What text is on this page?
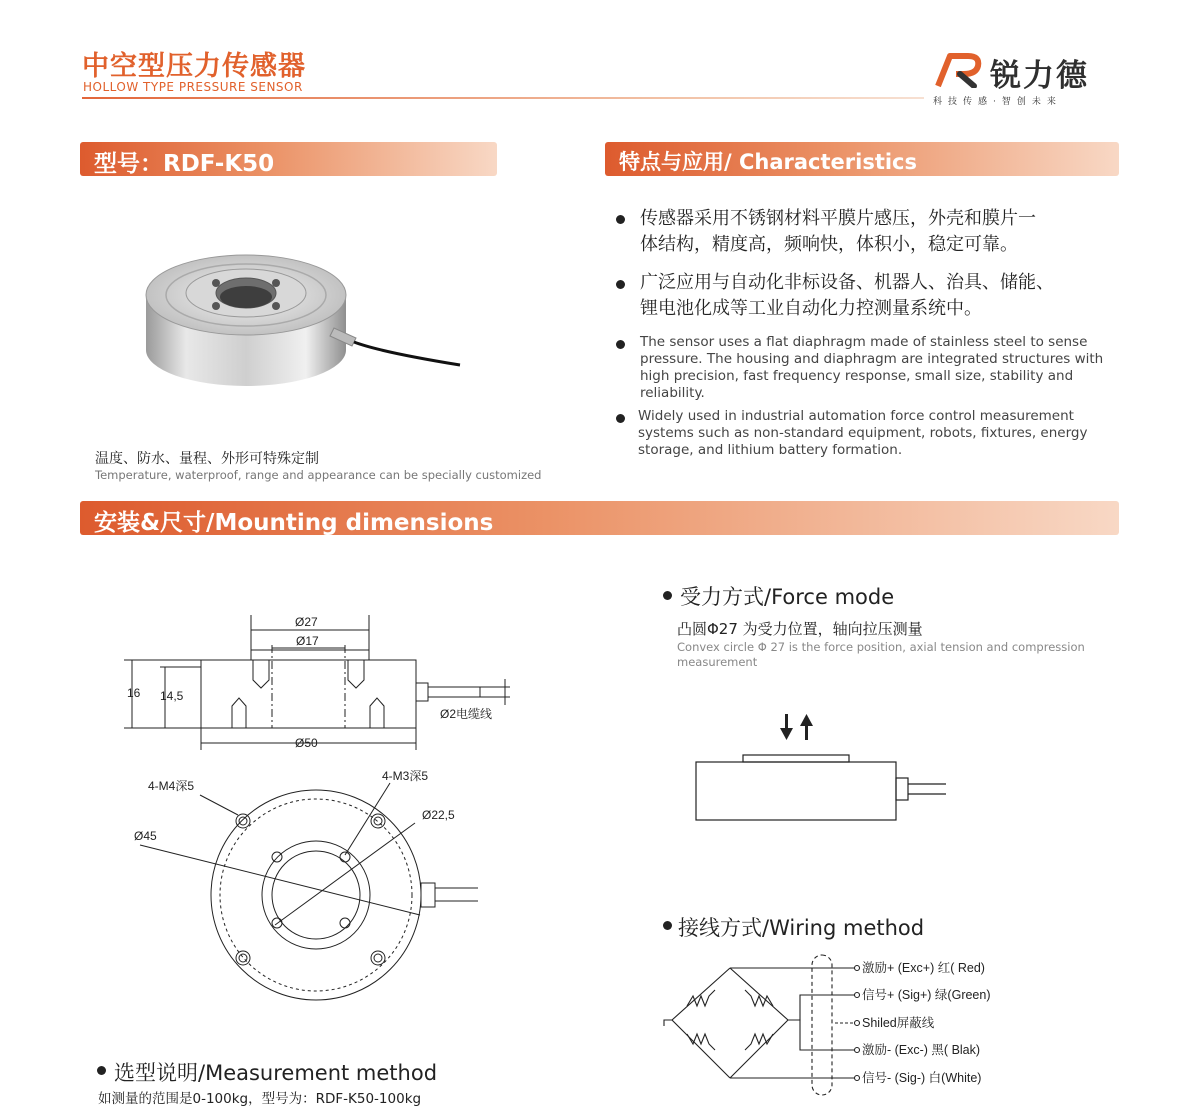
中空型压力传感器
HOLLOW TYPE PRESSURE SENSOR	锐力德
科技传感·智创未来
型号：RDF-K50	特点与应用/ Characteristics
温度、防水、量程、外形可特殊定制
Temperature, waterproof, range and appearance can be specially customized
传感器采用不锈钢材料平膜片感压，外壳和膜片一
体结构，精度高，频响快，体积小，稳定可靠。
广泛应用与自动化非标设备、机器人、治具、储能、
锂电池化成等工业自动化力控测量系统中。
The sensor uses a flat diaphragm made of stainless steel to sense
pressure. The housing and diaphragm are integrated structures with
high precision, fast frequency response, small size, stability and
reliability.
Widely used in industrial automation force control measurement
systems such as non-standard equipment, robots, fixtures, energy
storage, and lithium battery formation.
安装&尺寸/Mounting dimensions
Ø27
Ø17
16 14,5
Ø50
Ø2电缆线
4-M4深5
4-M3深5
Ø22,5
Ø45
受力方式/Force mode
凸圆Φ27 为受力位置，轴向拉压测量
Convex circle Φ 27 is the force position, axial tension and compression
measurement
接线方式/Wiring method
激励+ (Exc+) 红( Red)
信号+ (Sig+) 绿(Green)
Shiled屏蔽线
激励- (Exc-) 黑( Blak)
信号- (Sig-) 白(White)
选型说明/Measurement method
如测量的范围是0-100kg，型号为：RDF-K50-100kg
